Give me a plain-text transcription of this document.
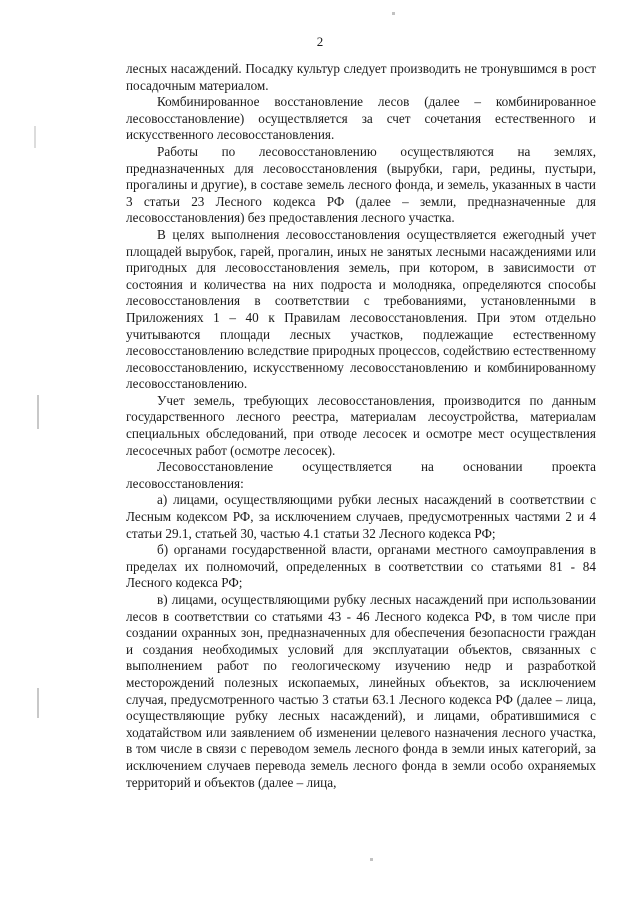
2

лесных насаждений. Посадку культур следует производить не тронувшимся в рост посадочным материалом.

Комбинированное восстановление лесов (далее – комбинированное лесовосстановление) осуществляется за счет сочетания естественного и искусственного лесовосстановления.

Работы по лесовосстановлению осуществляются на землях, предназначенных для лесовосстановления (вырубки, гари, редины, пустыри, прогалины и другие), в составе земель лесного фонда, и земель, указанных в части 3 статьи 23 Лесного кодекса РФ (далее – земли, предназначенные для лесовосстановления) без предоставления лесного участка.

В целях выполнения лесовосстановления осуществляется ежегодный учет площадей вырубок, гарей, прогалин, иных не занятых лесными насаждениями или пригодных для лесовосстановления земель, при котором, в зависимости от состояния и количества на них подроста и молодняка, определяются способы лесовосстановления в соответствии с требованиями, установленными в Приложениях 1 – 40 к Правилам лесовосстановления. При этом отдельно учитываются площади лесных участков, подлежащие естественному лесовосстановлению вследствие природных процессов, содействию естественному лесовосстановлению, искусственному лесовосстановлению и комбинированному лесовосстановлению.

Учет земель, требующих лесовосстановления, производится по данным государственного лесного реестра, материалам лесоустройства, материалам специальных обследований, при отводе лесосек и осмотре мест осуществления лесосечных работ (осмотре лесосек).

Лесовосстановление осуществляется на основании проекта лесовосстановления:

а) лицами, осуществляющими рубки лесных насаждений в соответствии с Лесным кодексом РФ, за исключением случаев, предусмотренных частями 2 и 4 статьи 29.1, статьей 30, частью 4.1 статьи 32 Лесного кодекса РФ;

б) органами государственной власти, органами местного самоуправления в пределах их полномочий, определенных в соответствии со статьями 81 - 84 Лесного кодекса РФ;

в) лицами, осуществляющими рубку лесных насаждений при использовании лесов в соответствии со статьями 43 - 46 Лесного кодекса РФ, в том числе при создании охранных зон, предназначенных для обеспечения безопасности граждан и создания необходимых условий для эксплуатации объектов, связанных с выполнением работ по геологическому изучению недр и разработкой месторождений полезных ископаемых, линейных объектов, за исключением случая, предусмотренного частью 3 статьи 63.1 Лесного кодекса РФ (далее – лица, осуществляющие рубку лесных насаждений), и лицами, обратившимися с ходатайством или заявлением об изменении целевого назначения лесного участка, в том числе в связи с переводом земель лесного фонда в земли иных категорий, за исключением случаев перевода земель лесного фонда в земли особо охраняемых территорий и объектов (далее – лица,
